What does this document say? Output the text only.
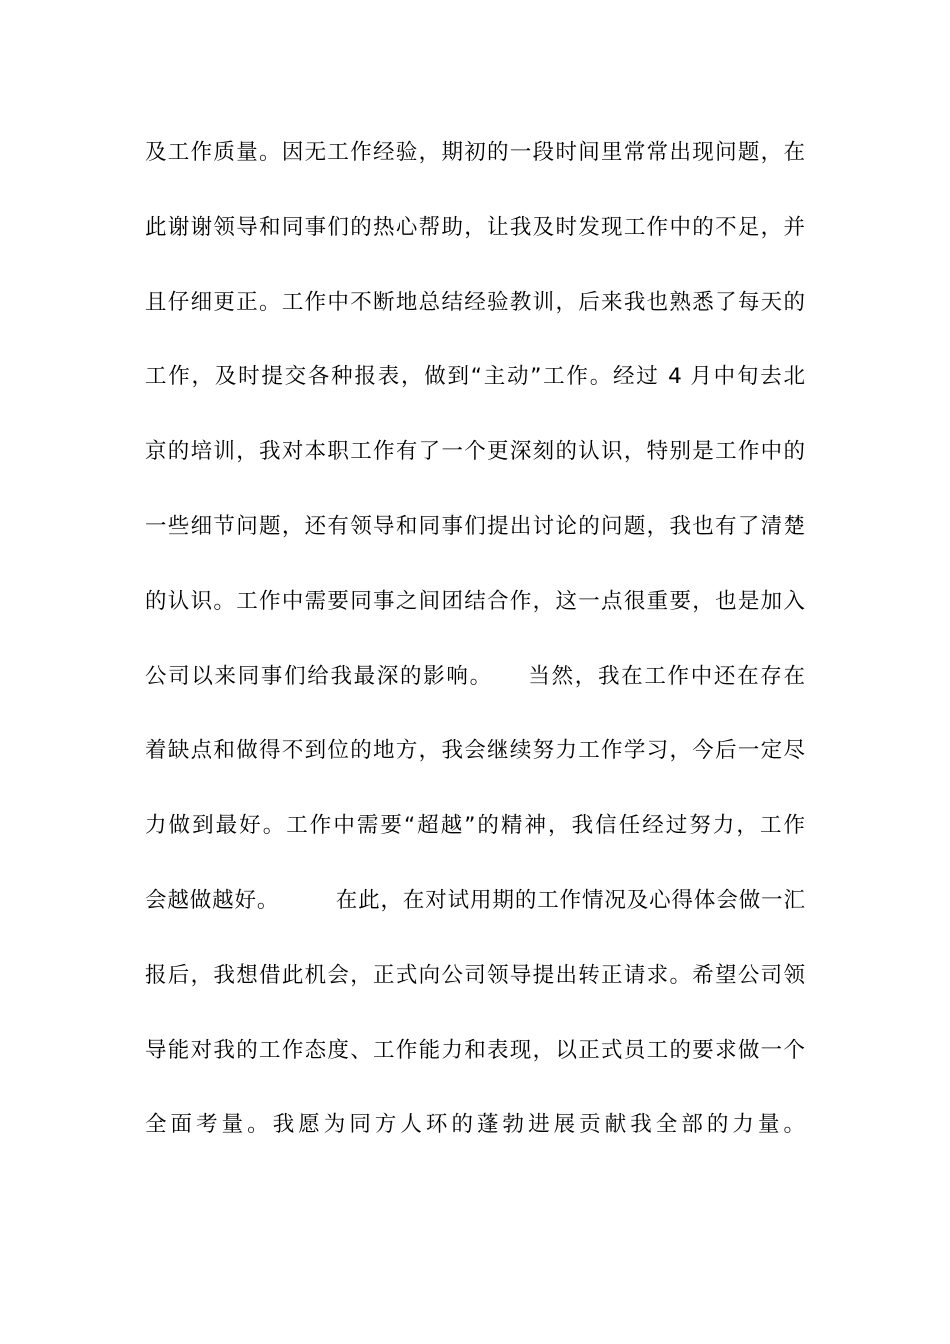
及工作质量。因无工作经验，期初的一段时间里常常出现问题，在
此谢谢领导和同事们的热心帮助，让我及时发现工作中的不足，并
且仔细更正。工作中不断地总结经验教训，后来我也熟悉了每天的
工作，及时提交各种报表，做到“主动”工作。经过 4 月中旬去北
京的培训，我对本职工作有了一个更深刻的认识，特别是工作中的
一些细节问题，还有领导和同事们提出讨论的问题，我也有了清楚
的认识。工作中需要同事之间团结合作，这一点很重要，也是加入
公司以来同事们给我最深的影响。　　当然，我在工作中还在存在
着缺点和做得不到位的地方，我会继续努力工作学习，今后一定尽
力做到最好。工作中需要“超越”的精神，我信任经过努力，工作
会越做越好。　　　在此，在对试用期的工作情况及心得体会做一汇
报后，我想借此机会，正式向公司领导提出转正请求。希望公司领
导能对我的工作态度、工作能力和表现，以正式员工的要求做一个
全面考量。我愿为同方人环的蓬勃进展贡献我全部的力量。
